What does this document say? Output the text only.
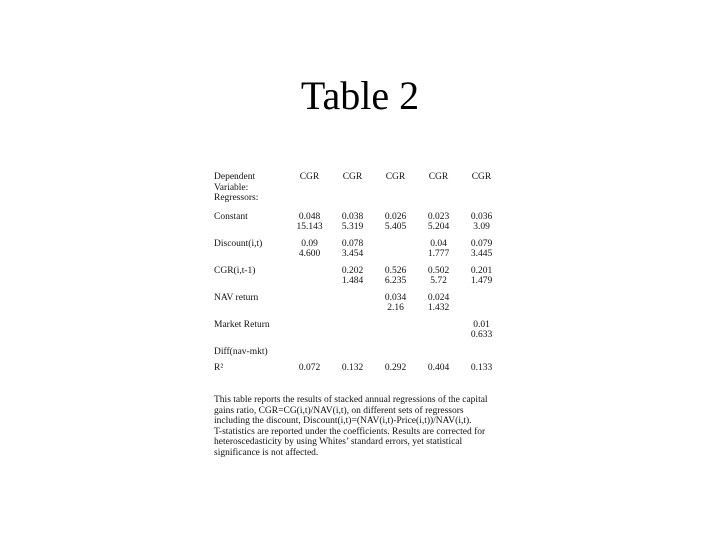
Table 2
Dependent
Variable:
Regressors:	CGR	CGR	CGR	CGR	CGR

Constant	0.048	0.038	0.026	0.023	0.036
	15.143	5.319	5.405	5.204	3.09
Discount(i,t)	0.09	0.078		0.04	0.079
	4.600	3.454		1.777	3.445
CGR(i,t-1)		0.202	0.526	0.502	0.201
		1.484	6.235	5.72	1.479
NAV return			0.034	0.024	
			2.16	1.432	
Market Return					0.01
					0.633
Diff(nav-mkt)					

R²	0.072	0.132	0.292	0.404	0.133
This table reports the results of stacked annual regressions of the capital
gains ratio, CGR=CG(i,t)/NAV(i,t), on different sets of regressors
including the discount, Discount(i,t)=(NAV(i,t)-Price(i,t))/NAV(i,t).
T-statistics are reported under the coefficients. Results are corrected for
heteroscedasticity by using Whites’ standard errors, yet statistical
significance is not affected.
